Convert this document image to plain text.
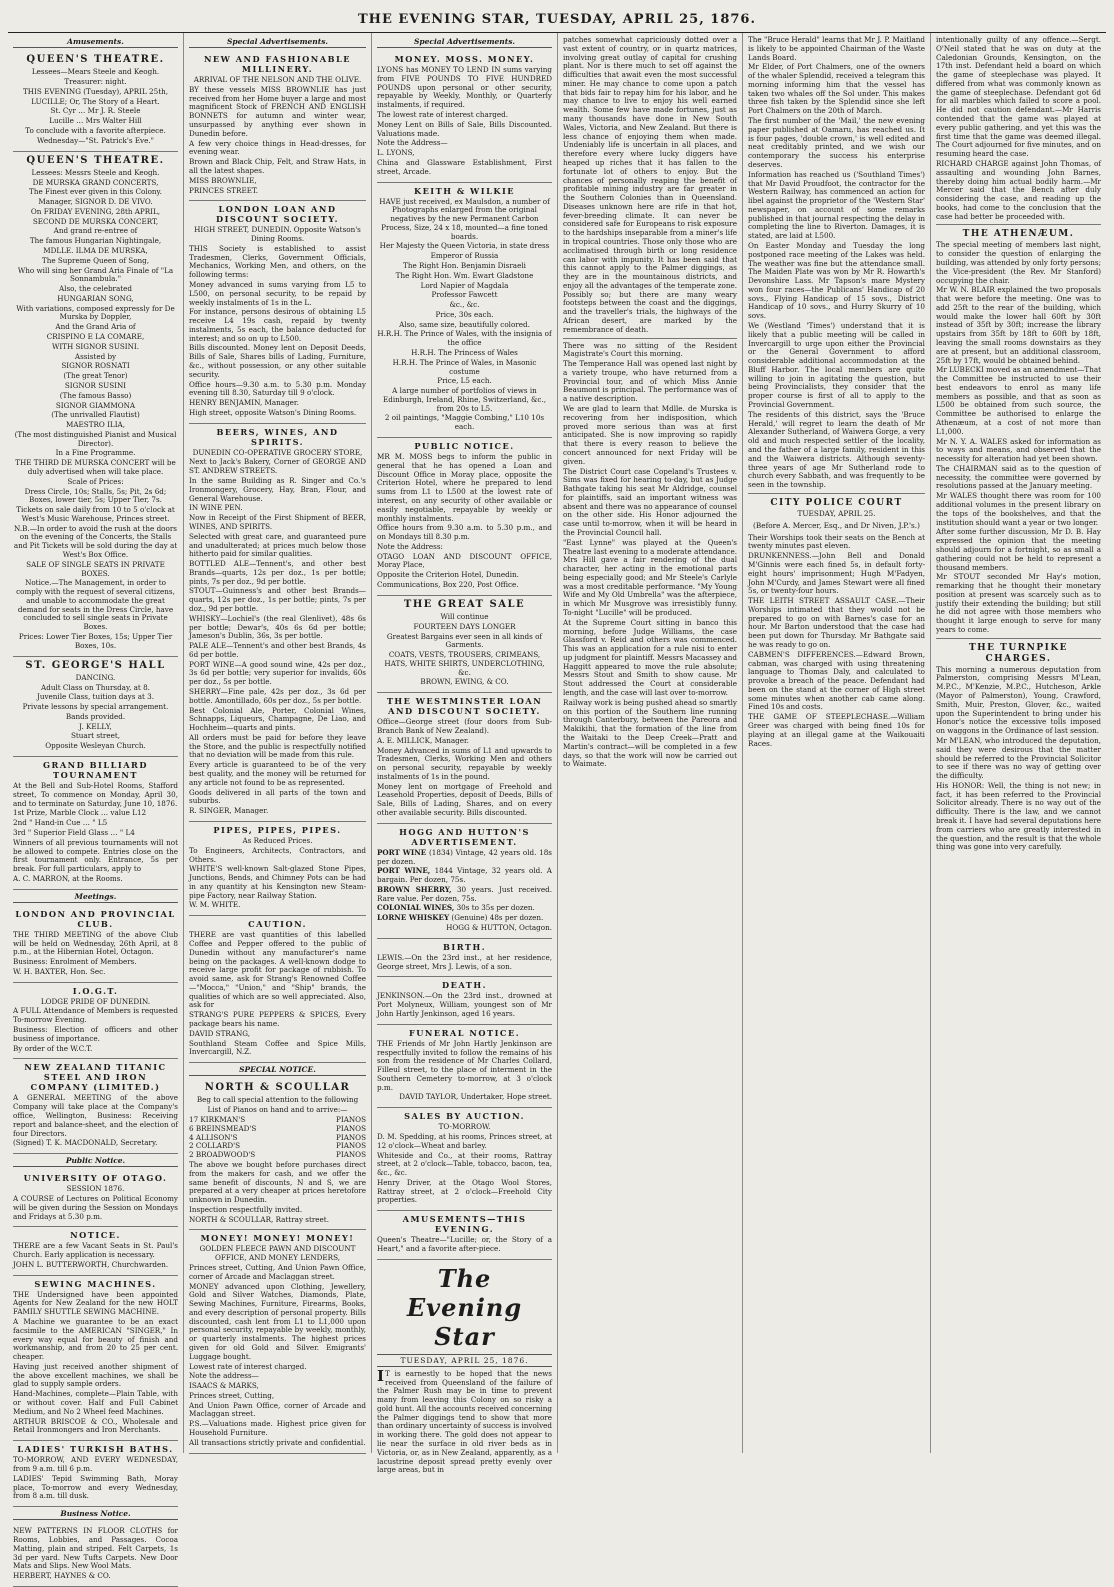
THE EVENING STAR, TUESDAY, APRIL 25, 1876.
Amusements.
QUEEN'S THEATRE.
Lessees—Mears Steele and Keogh.
Treasurer: night.
THIS EVENING (Tuesday), APRIL 25th,
LUCILLE; Or, The Story of a Heart.
St. Cyr … Mr J. R. Steele
Lucille … Mrs Walter Hill
To conclude with a favorite afterpiece.
Wednesday—"St. Patrick's Eve."
QUEEN'S THEATRE.
Lessees: Messrs Steele and Keogh.
DE MURSKA GRAND CONCERTS,
The Finest ever given in this Colony.
Manager, SIGNOR D. DE VIVO.
On FRIDAY EVENING, 28th APRIL,
SECOND DE MURSKA CONCERT,
And grand re-entree of
The famous Hungarian Nightingale,
MDLLE. ILMA DE MURSKA,
The Supreme Queen of Song,
Who will sing her Grand Aria Finale of "La Sonnambula."
Also, the celebrated
HUNGARIAN SONG,
With variations, composed expressly for De Murska by Doppler,
And the Grand Aria of
CRISPINO E LA COMARE,
WITH SIGNOR SUSINI.
Assisted by
SIGNOR ROSNATI
(The great Tenor)
SIGNOR SUSINI
(The famous Basso)
SIGNOR GIAMMONA
(The unrivalled Flautist)
MAESTRO ILIA,
(The most distinguished Pianist and Musical Director).
In a Fine Programme.
THE THIRD DE MURSKA CONCERT will be duly advertised when will take place.
Scale of Prices:
Dress Circle, 10s; Stalls, 5s; Pit, 2s 6d; Boxes, lower tier, 5s; Upper Tier, 7s.
Tickets on sale daily from 10 to 5 o'clock at West's Music Warehouse, Princes street.
N.B.—In order to avoid the rush at the doors on the evening of the Concerts, the Stalls and Pit Tickets will be sold during the day at West's Box Office.
SALE OF SINGLE SEATS IN PRIVATE BOXES.
Notice.—The Management, in order to comply with the request of several citizens, and unable to accommodate the great demand for seats in the Dress Circle, have concluded to sell single seats in Private Boxes.
Prices: Lower Tier Boxes, 15s; Upper Tier Boxes, 10s.
ST. GEORGE'S HALL
DANCING.
Adult Class on Thursday, at 8.
Juvenile Class, tuition days at 3.
Private lessons by special arrangement.
Bands provided.
J. KELLY,
Stuart street,
Opposite Wesleyan Church.
GRAND BILLIARD TOURNAMENT
At the Bell and Sub-Hotel Rooms, Stafford street, To commence on Monday, April 30, and to terminate on Saturday, June 10, 1876.
1st Prize, Marble Clock … value L12
2nd " Hand-in Cue … " L5
3rd " Superior Field Glass … " L4
Winners of all previous tournaments will not be allowed to compete. Entries close on the first tournament only. Entrance, 5s per break. For full particulars, apply to
A. C. MARRON, at the Rooms.
Meetings.
LONDON AND PROVINCIAL CLUB.
THE THIRD MEETING of the above Club will be held on Wednesday, 26th April, at 8 p.m., at the Hibernian Hotel, Octagon.
Business: Enrolment of Members.
W. H. BAXTER, Hon. Sec.
I.O.G.T.
LODGE PRIDE OF DUNEDIN.
A FULL Attendance of Members is requested To-morrow Evening.
Business: Election of officers and other business of importance.
By order of the W.C.T.
NEW ZEALAND TITANIC STEEL AND IRON COMPANY (LIMITED.)
A GENERAL MEETING of the above Company will take place at the Company's office, Wellington, Business: Receiving report and balance-sheet, and the election of four Directors.
(Signed) T. K. MACDONALD, Secretary.
Public Notice.
UNIVERSITY OF OTAGO.
SESSION 1876.
A COURSE of Lectures on Political Economy will be given during the Session on Mondays and Fridays at 5.30 p.m.
NOTICE.
THERE are a few Vacant Seats in St. Paul's Church. Early application is necessary.
JOHN L. BUTTERWORTH, Churchwarden.
SEWING MACHINES.
THE Undersigned have been appointed Agents for New Zealand for the new HOLT FAMILY SHUTTLE SEWING MACHINE.
A Machine we guarantee to be an exact facsimile to the AMERICAN "SINGER," In every way equal for beauty of finish and workmanship, and from 20 to 25 per cent. cheaper.
Having just received another shipment of the above excellent machines, we shall be glad to supply sample orders.
Hand-Machines, complete—Plain Table, with or without cover. Half and Full Cabinet Medium, and No 2 Wheel feed Machines.
ARTHUR BRISCOE & CO., Wholesale and Retail Ironmongers and Iron Merchants.
LADIES' TURKISH BATHS.
TO-MORROW, AND EVERY WEDNESDAY, from 9 a.m. till 6 p.m.
LADIES' Tepid Swimming Bath, Moray place, To-morrow and every Wednesday, from 8 a.m. till dusk.
Business Notice.
NEW PATTERNS IN FLOOR CLOTHS for Rooms, Lobbies, and Passages. Cocoa Matting, plain and striped. Felt Carpets, 1s 3d per yard. New Tufts Carpets. New Door Mats and Slips. New Wool Mats.
HERBERT, HAYNES & CO.
Special Advertisements.
NEW AND FASHIONABLE MILLINERY.
ARRIVAL OF THE NELSON AND THE OLIVE.
BY these vessels MISS BROWNLIE has just received from her Home buyer a large and most magnificent Stock of FRENCH AND ENGLISH BONNETS for autumn and winter wear, unsurpassed by anything ever shown in Dunedin before.
A few very choice things in Head-dresses, for evening wear.
Brown and Black Chip, Felt, and Straw Hats, in all the latest shapes.
MISS BROWNLIE,
PRINCES STREET.
LONDON LOAN AND DISCOUNT SOCIETY.
HIGH STREET, DUNEDIN. Opposite Watson's Dining Rooms.
THIS Society is established to assist Tradesmen, Clerks, Government Officials, Mechanics, Working Men, and others, on the following terms:
Money advanced in sums varying from L5 to L500, on personal security, to be repaid by weekly instalments of 1s in the L.
For instance, persons desirous of obtaining L5 receive L4 19s cash, repaid by twenty instalments, 5s each, the balance deducted for interest; and so on up to L500.
Bills discounted. Money lent on Deposit Deeds, Bills of Sale, Shares bills of Lading, Furniture, &c., without possession, or any other suitable security.
Office hours—9.30 a.m. to 5.30 p.m. Monday evening till 8.30, Saturday till 9 o'clock.
HENRY BENJAMIN, Manager.
High street, opposite Watson's Dining Rooms.
BEERS, WINES, AND SPIRITS.
DUNEDIN CO-OPERATIVE GROCERY STORE,
Next to Jack's Bakery, Corner of GEORGE AND ST. ANDREW STREETS.
In the same Building as R. Singer and Co.'s Ironmongery, Grocery, Hay, Bran, Flour, and General Warehouse.
IN WINE PEN.
Now in Receipt of the First Shipment of BEER, WINES, AND SPIRITS.
Selected with great care, and guaranteed pure and unadulterated; at prices much below those hitherto paid for similar qualities.
BOTTLED ALE—Tennent's, and other best Brands—quarts, 12s per doz., 1s per bottle; pints, 7s per doz., 9d per bottle.
STOUT—Guinness's and other best Brands—quarts, 12s per doz., 1s per bottle; pints, 7s per doz., 9d per bottle.
WHISKY—Lochiel's (the real Glenlivet), 48s 6s per bottle; Dewar's, 40s 6s 6d per bottle; Jameson's Dublin, 36s, 3s per bottle.
PALE ALE—Tennent's and other best Brands, 4s 6d per bottle.
PORT WINE—A good sound wine, 42s per doz., 3s 6d per bottle; very superior for invalids, 60s per doz., 5s per bottle.
SHERRY—Fine pale, 42s per doz., 3s 6d per bottle. Amontillado, 60s per doz., 5s per bottle.
Best Colonial Ale, Porter, Colonial Wines, Schnapps, Liqueurs, Champagne, De Liao, and Hochheim—quarts and pints.
All orders must be paid for before they leave the Store, and the public is respectfully notified that no deviation will be made from this rule.
Every article is guaranteed to be of the very best quality, and the money will be returned for any article not found to be as represented.
Goods delivered in all parts of the town and suburbs.
R. SINGER, Manager.
PIPES, PIPES, PIPES.
As Reduced Prices.
To Engineers, Architects, Contractors, and Others.
WHITE'S well-known Salt-glazed Stone Pipes, Junctions, Bends, and Chimney Pots can be had in any quantity at his Kensington new Steam-pipe Factory, near Railway Station.
W. M. WHITE.
CAUTION.
THERE are vast quantities of this labelled Coffee and Pepper offered to the public of Dunedin without any manufacturer's name being on the packages. A well-known dodge to receive large profit for package of rubbish. To avoid same, ask for Strang's Renowned Coffee—"Mocca," "Union," and "Ship" brands, the qualities of which are so well appreciated. Also, ask for
STRANG'S PURE PEPPERS & SPICES, Every package bears his name.
DAVID STRANG,
Southland Steam Coffee and Spice Mills, Invercargill, N.Z.
SPECIAL NOTICE.
NORTH & SCOULLAR
Beg to call special attention to the following
List of Pianos on hand and to arrive:—
17 KIRKMAN'S	PIANOS
6 BREINSMEAD'S	PIANOS
4 ALLISON'S	PIANOS
2 COLLARD'S	PIANOS
2 BROADWOOD'S	PIANOS
The above we bought before purchases direct from the makers for cash, and we offer the same benefit of discounts, N and S, we are prepared at a very cheaper at prices heretofore unknown in Dunedin.
Inspection respectfully invited.
NORTH & SCOULLAR, Rattray street.
MONEY! MONEY! MONEY!
GOLDEN FLEECE PAWN AND DISCOUNT OFFICE, AND MONEY LENDERS,
Princes street, Cutting, And Union Pawn Office, corner of Arcade and Maclaggan street.
MONEY advanced upon Clothing, Jewellery, Gold and Silver Watches, Diamonds, Plate, Sewing Machines, Furniture, Firearms, Books, and every description of personal property. Bills discounted, cash lent from L1 to L1,000 upon personal security, repayable by weekly, monthly, or quarterly instalments. The highest prices given for old Gold and Silver. Emigrants' Luggage bought.
Lowest rate of interest charged.
Note the address—
ISAACS & MARKS,
Princes street, Cutting,
And Union Pawn Office, corner of Arcade and Maclaggan street.
P.S.—Valuations made. Highest price given for Household Furniture.
All transactions strictly private and confidential.
Special Advertisements.
MONEY. MOSS. MONEY.
LYONS has MONEY TO LEND IN sums varying from FIVE POUNDS TO FIVE HUNDRED POUNDS upon personal or other security, repayable by Weekly, Monthly, or Quarterly instalments, if required.
The lowest rate of interest charged.
Money Lent on Bills of Sale, Bills Discounted. Valuations made.
Note the Address—
L. LYONS,
China and Glassware Establishment, First street, Arcade.
KEITH & WILKIE
HAVE just received, ex Maulsdon, a number of Photographs enlarged from the original negatives by the new Permanent Carbon Process, Size, 24 x 18, mounted—a fine toned boards.
Her Majesty the Queen Victoria, in state dress
Emperor of Russia
The Right Hon. Benjamin Disraeli
The Right Hon. Wm. Ewart Gladstone
Lord Napier of Magdala
Professor Fawcett
&c., &c.
Price, 30s each.
Also, same size, beautifully colored.
H.R.H. The Prince of Wales, with the insignia of the office
H.R.H. The Princess of Wales
H.R.H. The Prince of Wales, in Masonic costume
Price, L5 each.
A large number of portfolios of views in Edinburgh, Ireland, Rhine, Switzerland, &c., from 20s to L5.
2 oil paintings, "Maggie Combing," L10 10s each.
PUBLIC NOTICE.
MR M. MOSS begs to inform the public in general that he has opened a Loan and Discount Office in Moray place, opposite the Criterion Hotel, where he prepared to lend sums from L1 to L500 at the lowest rate of interest, on any security of other available or easily negotiable, repayable by weekly or monthly instalments.
Office hours from 9.30 a.m. to 5.30 p.m., and on Mondays till 8.30 p.m.
Note the Address:
OTAGO LOAN AND DISCOUNT OFFICE, Moray Place,
Opposite the Criterion Hotel, Dunedin.
Communications, Box 220, Post Office.
THE GREAT SALE
Will continue
FOURTEEN DAYS LONGER
Greatest Bargains ever seen in all kinds of Garments.
COATS, VESTS, TROUSERS, CRIMEANS, HATS, WHITE SHIRTS, UNDERCLOTHING, &c.
BROWN, EWING, & CO.
THE WESTMINSTER LOAN AND DISCOUNT SOCIETY.
Office—George street (four doors from Sub-Branch Bank of New Zealand).
A. E. MILLICK, Manager.
Money Advanced in sums of L1 and upwards to Tradesmen, Clerks, Working Men and others on personal security, repayable by weekly instalments of 1s in the pound.
Money lent on mortgage of Freehold and Leasehold Properties, deposit of Deeds, Bills of Sale, Bills of Lading, Shares, and on every other available security. Bills discounted.
HOGG AND HUTTON'S ADVERTISEMENT.
PORT WINE (1834) Vintage, 42 years old. 18s per dozen.
PORT WINE, 1844 Vintage, 32 years old. A bargain. Per dozen, 75s.
BROWN SHERRY, 30 years. Just received. Rare value. Per dozen, 75s.
COLONIAL WINES, 30s to 35s per dozen.
LORNE WHISKEY (Genuine) 48s per dozen.
HOGG & HUTTON, Octagon.
BIRTH.
LEWIS.—On the 23rd inst., at her residence, George street, Mrs J. Lewis, of a son.
DEATH.
JENKINSON.—On the 23rd inst., drowned at Port Molyneux, William, youngest son of Mr John Hartly Jenkinson, aged 16 years.
FUNERAL NOTICE.
THE Friends of Mr John Hartly Jenkinson are respectfully invited to follow the remains of his son from the residence of Mr Charles Collard, Filleul street, to the place of interment in the Southern Cemetery to-morrow, at 3 o'clock p.m.
DAVID TAYLOR, Undertaker, Hope street.
SALES BY AUCTION.
TO-MORROW.
D. M. Spedding, at his rooms, Princes street, at 12 o'clock—Wheat and barley.
Whiteside and Co., at their rooms, Rattray street, at 2 o'clock—Table, tobacco, bacon, tea, &c., &c.
Henry Driver, at the Otago Wool Stores, Rattray street, at 2 o'clock—Freehold City properties.
AMUSEMENTS—THIS EVENING.
Queen's Theatre—"Lucille; or, the Story of a Heart," and a favorite after-piece.
The Evening Star
TUESDAY, APRIL 25, 1876.
IT is earnestly to be hoped that the news received from Queensland of the failure of the Palmer Rush may be in time to prevent many from leaving this Colony on so risky a gold hunt. All the accounts received concerning the Palmer diggings tend to show that more than ordinary uncertainty of success is involved in working there. The gold does not appear to lie near the surface in old river beds as in Victoria, or, as in New Zealand, apparently, as a lacustrine deposit spread pretty evenly over large areas, but in

patches somewhat capriciously dotted over a vast extent of country, or in quartz matrices, involving great outlay of capital for crushing plant. Nor is there much to set off against the difficulties that await even the most successful miner. He may chance to come upon a patch that bids fair to repay him for his labor, and he may chance to live to enjoy his well earned wealth. Some few have made fortunes, just as many thousands have done in New South Wales, Victoria, and New Zealand. But there is less chance of enjoying them when made. Undeniably life is uncertain in all places, and therefore every where lucky diggers have heaped up riches that it has fallen to the fortunate lot of others to enjoy. But the chances of personally reaping the benefit of profitable mining industry are far greater in the Southern Colonies than in Queensland. Diseases unknown here are rife in that hot, fever-breeding climate. It can never be considered safe for Europeans to risk exposure to the hardships inseparable from a miner's life in tropical countries. Those only those who are acclimatised through birth or long residence can labor with impunity. It has been said that this cannot apply to the Palmer diggings, as they are in the mountainous districts, and enjoy all the advantages of the temperate zone. Possibly so; but there are many weary footsteps between the coast and the diggings, and the traveller's trials, the highways of the African desert, are marked by the remembrance of death.

There was no sitting of the Resident Magistrate's Court this morning.

The Temperance Hall was opened last night by a variety troupe, who have returned from a Provincial tour, and of which Miss Annie Beaumont is principal. The performance was of a native description.

We are glad to learn that Mdlle. de Murska is recovering from her indisposition, which proved more serious than was at first anticipated. She is now improving so rapidly that there is every reason to believe the concert announced for next Friday will be given.

The District Court case Copeland's Trustees v. Sims was fixed for hearing to-day, but as Judge Bathgate taking his seat Mr Aldridge, counsel for plaintiffs, said an important witness was absent and there was no appearance of counsel on the other side. His Honor adjourned the case until to-morrow, when it will be heard in the Provincial Council hall.

"East Lynne" was played at the Queen's Theatre last evening to a moderate attendance. Mrs Hill gave a fair rendering of the dual character, her acting in the emotional parts being especially good; and Mr Steele's Carlyle was a most creditable performance. "My Young Wife and My Old Umbrella" was the afterpiece, in which Mr Musgrove was irresistibly funny. To-night "Lucille" will be produced.

At the Supreme Court sitting in banco this morning, before Judge Williams, the case Glassford v. Reid and others was commenced. This was an application for a rule nisi to enter up judgment for plaintiff. Messrs Macassey and Haggitt appeared to move the rule absolute; Messrs Stout and Smith to show cause. Mr Stout addressed the Court at considerable length, and the case will last over to-morrow.

Railway work is being pushed ahead so smartly on this portion of the Southern line running through Canterbury, between the Pareora and Makikihi, that the formation of the line from the Waitaki to the Deep Creek—Pratt and Martin's contract—will be completed in a few days, so that the work will now be carried out to Waimate.

The "Bruce Herald" learns that Mr J. P. Maitland is likely to be appointed Chairman of the Waste Lands Board.

Mr Elder, of Port Chalmers, one of the owners of the whaler Splendid, received a telegram this morning informing him that the vessel has taken two whales off the Sol under. This makes three fish taken by the Splendid since she left Port Chalmers on the 20th of March.

The first number of the 'Mail,' the new evening paper published at Oamaru, has reached us. It is four pages, 'double crown,' is well edited and neat creditably printed, and we wish our contemporary the success his enterprise deserves.

Information has reached us ('Southland Times') that Mr David Proudfoot, the contractor for the Western Railway, has commenced an action for libel against the proprietor of the 'Western Star' newspaper, on account of some remarks published in that journal respecting the delay in completing the line to Riverton. Damages, it is stated, are laid at L500.

On Easter Monday and Tuesday the long postponed race meeting of the Lakes was held. The weather was fine but the attendance small. The Maiden Plate was won by Mr R. Howarth's Devonshire Lass. Mr Tapson's mare Mystery won four races—the Publicans' Handicap of 20 sovs., Flying Handicap of 15 sovs., District Handicap of 10 sovs., and Hurry Skurry of 10 sovs.

We (Westland 'Times') understand that it is likely that a public meeting will be called in Invercargill to urge upon either the Provincial or the General Government to afford considerable additional accommodation at the Bluff Harbor. The local members are quite willing to join in agitating the question, but being Provincialists, they consider that the proper course is first of all to apply to the Provincial Government.

The residents of this district, says the 'Bruce Herald,' will regret to learn the death of Mr Alexander Sutherland, of Waiwera Gorge, a very old and much respected settler of the locality, and the father of a large family, resident in this and the Waiwera districts. Although seventy-three years of age Mr Sutherland rode to church every Sabbath, and was frequently to be seen in the township.

CITY POLICE COURT
TUESDAY, APRIL 25.
(Before A. Mercer, Esq., and Dr Niven, J.P.'s.)

Their Worships took their seats on the Bench at twenty minutes past eleven.

DRUNKENNESS.—John Bell and Donald M'Ginnis were each fined 5s, in default forty-eight hours' imprisonment; Hugh M'Fadyen, John M'Curdy, and James Stewart were all fined 5s, or twenty-four hours.

THE LEITH STREET ASSAULT CASE.—Their Worships intimated that they would not be prepared to go on with Barnes's case for an hour. Mr Barton understood that the case had been put down for Thursday. Mr Bathgate said he was ready to go on.

CABMEN'S DIFFERENCES.—Edward Brown, cabman, was charged with using threatening language to Thomas Daly, and calculated to provoke a breach of the peace. Defendant had been on the stand at the corner of High street some minutes when another cab came along. Fined 10s and costs.

THE GAME OF STEEPLECHASE.—William Greer was charged with being fined 10s for playing at an illegal game at the Waikouaiti Races.

intentionally guilty of any offence.—Sergt. O'Neil stated that he was on duty at the Caledonian Grounds, Kensington, on the 17th inst. Defendant held a board on which the game of steeplechase was played. It differed from what was commonly known as the game of steeplechase. Defendant got 6d for all marbles which failed to score a pool. He did not caution defendant.—Mr Harris contended that the game was played at every public gathering, and yet this was the first time that the game was deemed illegal. The Court adjourned for five minutes, and on resuming heard the case.

RICHARD CHARGE against John Thomas, of assaulting and wounding John Barnes, thereby doing him actual bodily harm.—Mr Mercer said that the Bench after duly considering the case, and reading up the books, had come to the conclusion that the case had better be proceeded with.

THE ATHENÆUM.

The special meeting of members last night, to consider the question of enlarging the building, was attended by only forty persons; the Vice-president (the Rev. Mr Stanford) occupying the chair.

Mr W. N. BLAIR explained the two proposals that were before the meeting. One was to add 25ft to the rear of the building, which would make the lower hall 60ft by 30ft instead of 35ft by 30ft; increase the library upstairs from 35ft by 18ft to 60ft by 18ft, leaving the small rooms downstairs as they are at present, but an additional classroom, 25ft by 17ft, would be obtained behind.

Mr LUBECKI moved as an amendment—That the Committee be instructed to use their best endeavors to enrol as many life members as possible, and that as soon as L500 be obtained from such source, the Committee be authorised to enlarge the Athenæum, at a cost of not more than L1,000.

Mr N. Y. A. WALES asked for information as to ways and means, and observed that the necessity for alteration had yet been shown.

The CHAIRMAN said as to the question of necessity, the committee were governed by resolutions passed at the January meeting.

Mr WALES thought there was room for 100 additional volumes in the present library on the tops of the bookshelves, and that the institution should want a year or two longer.

After some further discussion, Mr D. B. Hay expressed the opinion that the meeting should adjourn for a fortnight, so as small a gathering could not be held to represent a thousand members.

Mr STOUT seconded Mr Hay's motion, remarking that he thought their monetary position at present was scarcely such as to justify their extending the building; but still he did not agree with those members who thought it large enough to serve for many years to come.

THE TURNPIKE CHARGES.

This morning a numerous deputation from Palmerston, comprising Messrs M'Lean, M.P.C., M'Kenzie, M.P.C., Hutcheson, Arkle (Mayor of Palmerston), Young, Crawford, Smith, Muir, Preston, Glover, &c., waited upon the Superintendent to bring under his Honor's notice the excessive tolls imposed on waggons in the Ordinance of last session.

Mr M'LEAN, who introduced the deputation, said they were desirous that the matter should be referred to the Provincial Solicitor to see if there was no way of getting over the difficulty.

His HONOR: Well, the thing is not new; in fact, it has been referred to the Provincial Solicitor already. There is no way out of the difficulty. There is the law, and we cannot break it. I have had several deputations here from carriers who are greatly interested in the question, and the result is that the whole thing was gone into very carefully.
